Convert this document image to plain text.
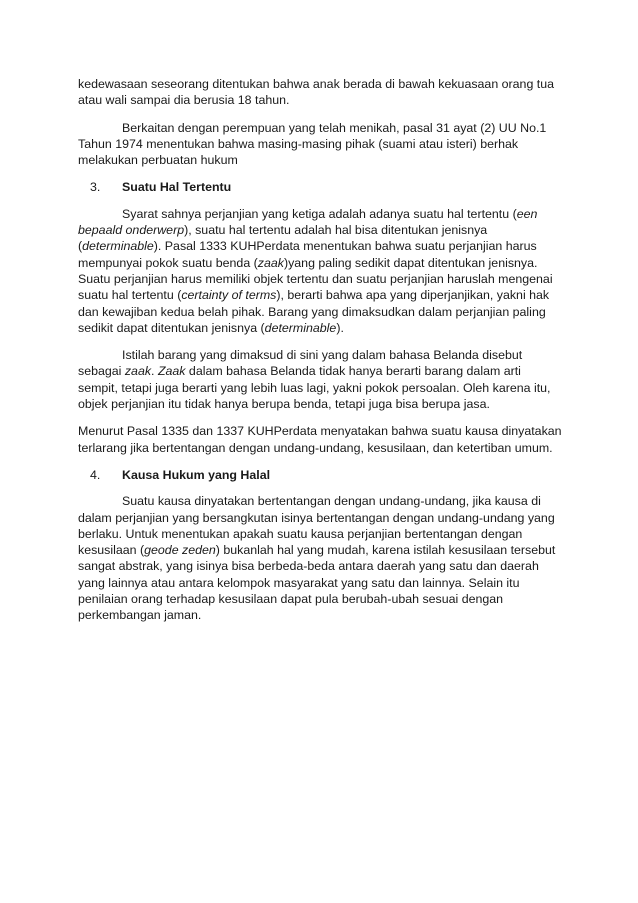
kedewasaan seseorang ditentukan bahwa anak berada di bawah kekuasaan orang tua atau wali sampai dia berusia 18 tahun.

Berkaitan dengan perempuan yang telah menikah, pasal 31 ayat (2) UU No.1 Tahun 1974 menentukan bahwa masing-masing pihak (suami atau isteri) berhak melakukan perbuatan hukum

3.	Suatu Hal Tertentu

Syarat sahnya perjanjian yang ketiga adalah adanya suatu hal tertentu (een bepaald onderwerp), suatu hal tertentu adalah hal bisa ditentukan jenisnya (determinable). Pasal 1333 KUHPerdata menentukan bahwa suatu perjanjian harus mempunyai pokok suatu benda (zaak)yang paling sedikit dapat ditentukan jenisnya. Suatu perjanjian harus memiliki objek tertentu dan suatu perjanjian haruslah mengenai suatu hal tertentu (certainty of terms), berarti bahwa apa yang diperjanjikan, yakni hak dan kewajiban kedua belah pihak. Barang yang dimaksudkan dalam perjanjian paling sedikit dapat ditentukan jenisnya (determinable).

Istilah barang yang dimaksud di sini yang dalam bahasa Belanda disebut sebagai zaak. Zaak dalam bahasa Belanda tidak hanya berarti barang dalam arti sempit, tetapi juga berarti yang lebih luas lagi, yakni pokok persoalan. Oleh karena itu, objek perjanjian itu tidak hanya berupa benda, tetapi juga bisa berupa jasa.

Menurut Pasal 1335 dan 1337 KUHPerdata menyatakan bahwa suatu kausa dinyatakan terlarang jika bertentangan dengan undang-undang, kesusilaan, dan ketertiban umum.

4.	Kausa Hukum yang Halal

Suatu kausa dinyatakan bertentangan dengan undang-undang, jika kausa di dalam perjanjian yang bersangkutan isinya bertentangan dengan undang-undang yang berlaku. Untuk menentukan apakah suatu kausa perjanjian bertentangan dengan kesusilaan (geode zeden) bukanlah hal yang mudah, karena istilah kesusilaan tersebut sangat abstrak, yang isinya bisa berbeda-beda antara daerah yang satu dan daerah yang lainnya atau antara kelompok masyarakat yang satu dan lainnya. Selain itu penilaian orang terhadap kesusilaan dapat pula berubah-ubah sesuai dengan perkembangan jaman.
